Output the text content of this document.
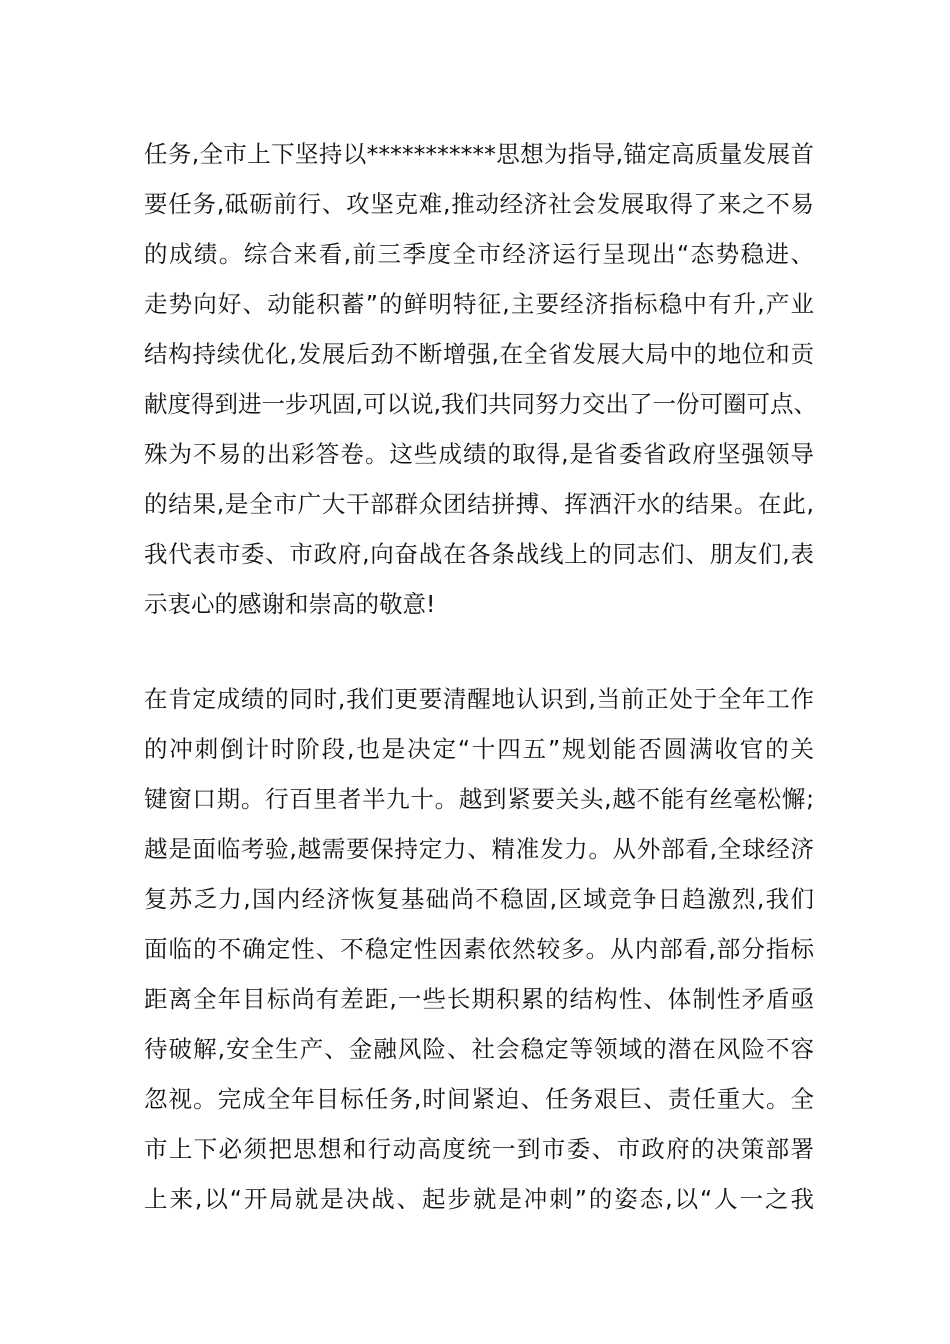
任务,全市上下坚持以***********思想为指导,锚定高质量发展首
要任务,砥砺前行、攻坚克难,推动经济社会发展取得了来之不易
的成绩。综合来看,前三季度全市经济运行呈现出“态势稳进、
走势向好、动能积蓄”的鲜明特征,主要经济指标稳中有升,产业
结构持续优化,发展后劲不断增强,在全省发展大局中的地位和贡
献度得到进一步巩固,可以说,我们共同努力交出了一份可圈可点、
殊为不易的出彩答卷。这些成绩的取得,是省委省政府坚强领导
的结果,是全市广大干部群众团结拼搏、挥洒汗水的结果。在此,
我代表市委、市政府,向奋战在各条战线上的同志们、朋友们,表
示衷心的感谢和崇高的敬意!
在肯定成绩的同时,我们更要清醒地认识到,当前正处于全年工作
的冲刺倒计时阶段,也是决定“十四五”规划能否圆满收官的关
键窗口期。行百里者半九十。越到紧要关头,越不能有丝毫松懈;
越是面临考验,越需要保持定力、精准发力。从外部看,全球经济
复苏乏力,国内经济恢复基础尚不稳固,区域竞争日趋激烈,我们
面临的不确定性、不稳定性因素依然较多。从内部看,部分指标
距离全年目标尚有差距,一些长期积累的结构性、体制性矛盾亟
待破解,安全生产、金融风险、社会稳定等领域的潜在风险不容
忽视。完成全年目标任务,时间紧迫、任务艰巨、责任重大。全
市上下必须把思想和行动高度统一到市委、市政府的决策部署
上来,以“开局就是决战、起步就是冲刺”的姿态,以“人一之我
